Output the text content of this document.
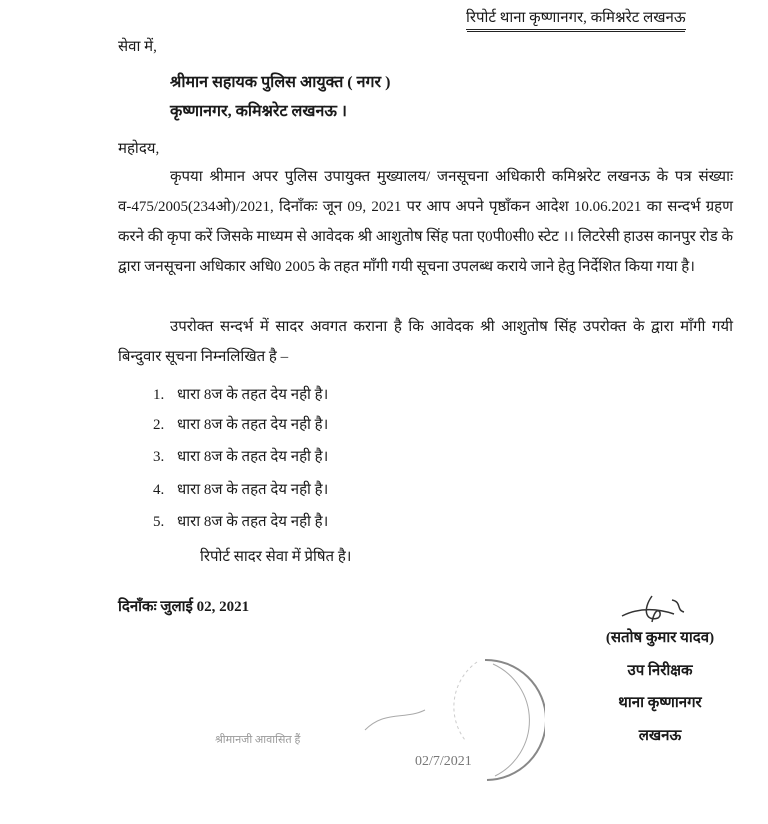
रिपोर्ट थाना कृष्णानगर, कमिश्नरेट लखनऊ
सेवा में,
श्रीमान सहायक पुलिस आयुक्त ( नगर )
कृष्णानगर, कमिश्नरेट लखनऊ ।
महोदय,
कृपया श्रीमान अपर पुलिस उपायुक्त मुख्यालय/ जनसूचना अधिकारी कमिश्नरेट लखनऊ के पत्र संख्याः व-475/2005(234ओ)/2021, दिनाँकः जून 09, 2021 पर आप अपने पृष्ठाँकन आदेश 10.06.2021 का सन्दर्भ ग्रहण करने की कृपा करें जिसके माध्यम से आवेदक श्री आशुतोष सिंह पता ए0पी0सी0 स्टेट ।। लिटरेसी हाउस कानपुर रोड के द्वारा जनसूचना अधिकार अधि0 2005 के तहत माँगी गयी सूचना उपलब्ध कराये जाने हेतु निर्देशित किया गया है।
उपरोक्त सन्दर्भ में सादर अवगत कराना है कि आवेदक श्री आशुतोष सिंह उपरोक्त के द्वारा माँगी गयी बिन्दुवार सूचना निम्नलिखित है –
1. धारा 8ज के तहत देय नही है।
2. धारा 8ज के तहत देय नही है।
3. धारा 8ज के तहत देय नही है।
4. धारा 8ज के तहत देय नही है।
5. धारा 8ज के तहत देय नही है।
रिपोर्ट सादर सेवा में प्रेषित है।
दिनाँकः जुलाई 02, 2021
(सतोष कुमार यादव)
उप निरीक्षक
थाना कृष्णानगर
लखनऊ
श्रीमानजी आवासित हैं
02/7/2021
